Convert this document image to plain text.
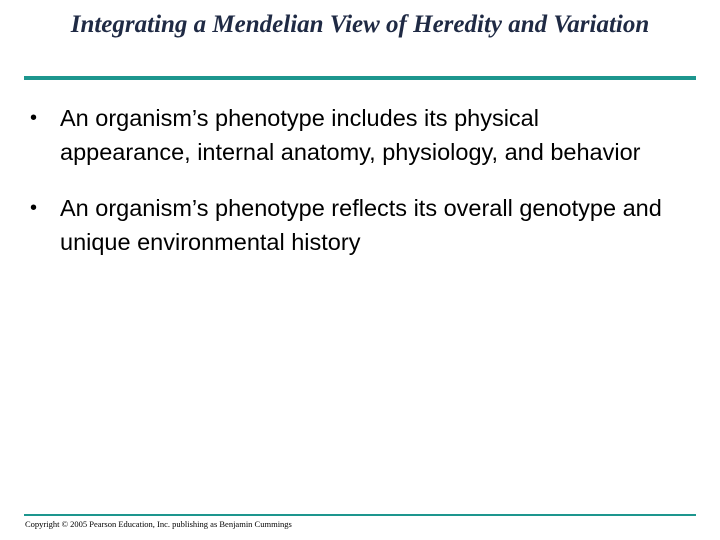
Integrating a Mendelian View of Heredity and Variation
• An organism’s phenotype includes its physical appearance, internal anatomy, physiology, and behavior
• An organism’s phenotype reflects its overall genotype and unique environmental history
Copyright © 2005 Pearson Education, Inc. publishing as Benjamin Cummings
